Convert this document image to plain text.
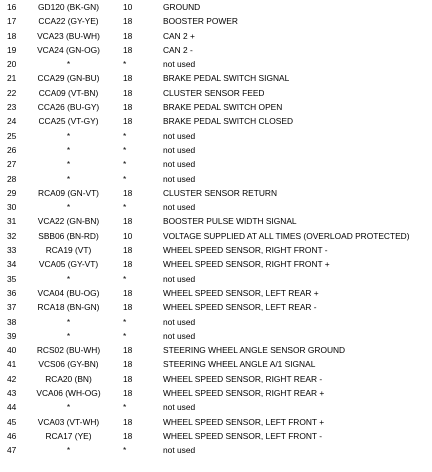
16	GD120 (BK-GN)	10	GROUND
17	CCA22 (GY-YE)	18	BOOSTER POWER
18	VCA23 (BU-WH)	18	CAN 2 +
19	VCA24 (GN-OG)	18	CAN 2 -
20	*	*	not used
21	CCA29 (GN-BU)	18	BRAKE PEDAL SWITCH SIGNAL
22	CCA09 (VT-BN)	18	CLUSTER SENSOR FEED
23	CCA26 (BU-GY)	18	BRAKE PEDAL SWITCH OPEN
24	CCA25 (VT-GY)	18	BRAKE PEDAL SWITCH CLOSED
25	*	*	not used
26	*	*	not used
27	*	*	not used
28	*	*	not used
29	RCA09 (GN-VT)	18	CLUSTER SENSOR RETURN
30	*	*	not used
31	VCA22 (GN-BN)	18	BOOSTER PULSE WIDTH SIGNAL
32	SBB06 (BN-RD)	10	VOLTAGE SUPPLIED AT ALL TIMES (OVERLOAD PROTECTED)
33	RCA19 (VT)	18	WHEEL SPEED SENSOR, RIGHT FRONT -
34	VCA05 (GY-VT)	18	WHEEL SPEED SENSOR, RIGHT FRONT +
35	*	*	not used
36	VCA04 (BU-OG)	18	WHEEL SPEED SENSOR, LEFT REAR +
37	RCA18 (BN-GN)	18	WHEEL SPEED SENSOR, LEFT REAR -
38	*	*	not used
39	*	*	not used
40	RCS02 (BU-WH)	18	STEERING WHEEL ANGLE SENSOR GROUND
41	VCS06 (GY-BN)	18	STEERING WHEEL ANGLE A/1 SIGNAL
42	RCA20 (BN)	18	WHEEL SPEED SENSOR, RIGHT REAR -
43	VCA06 (WH-OG)	18	WHEEL SPEED SENSOR, RIGHT REAR +
44	*	*	not used
45	VCA03 (VT-WH)	18	WHEEL SPEED SENSOR, LEFT FRONT +
46	RCA17 (YE)	18	WHEEL SPEED SENSOR, LEFT FRONT -
47	*	*	not used
